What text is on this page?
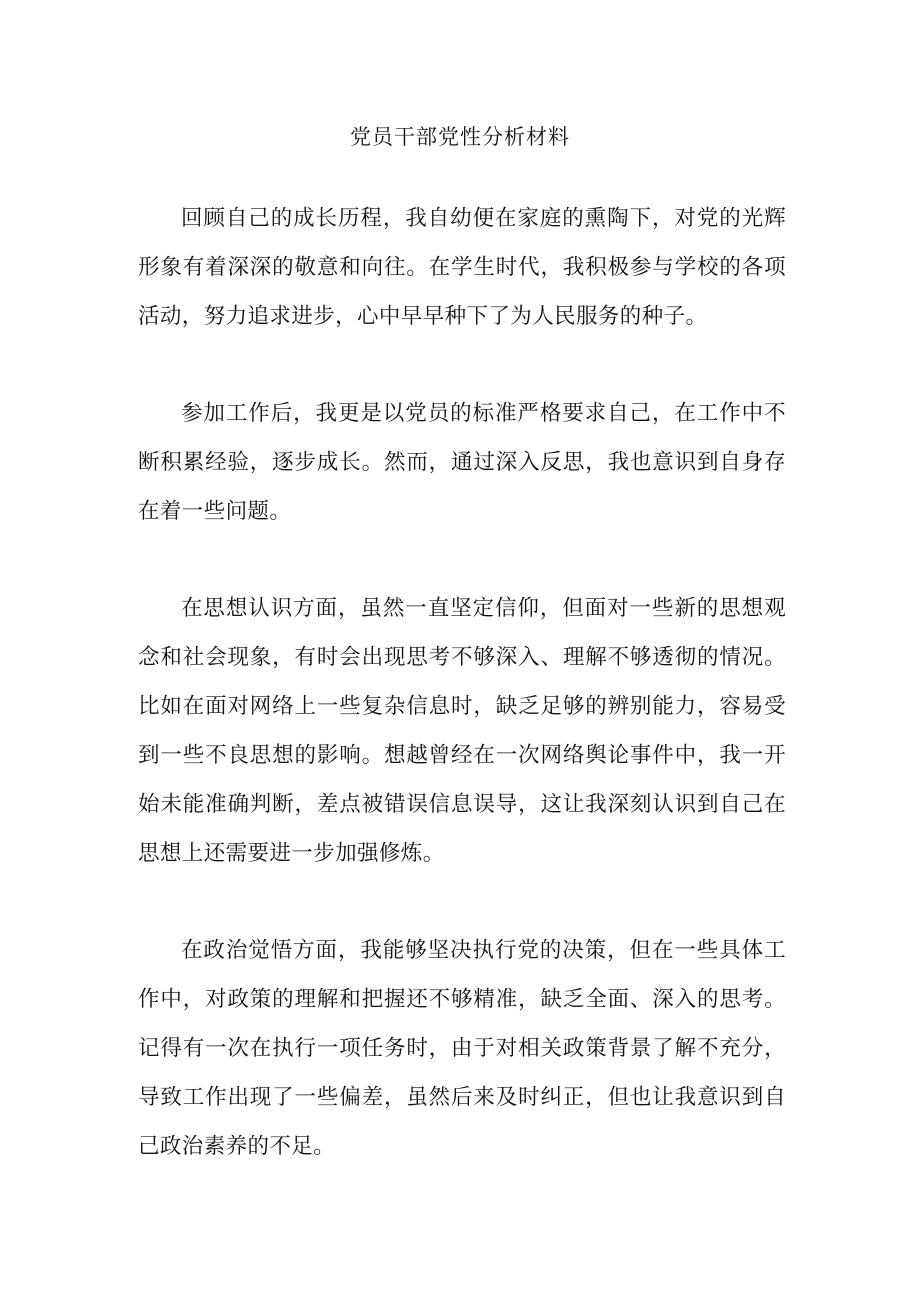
党员干部党性分析材料

回顾自己的成长历程，我自幼便在家庭的熏陶下，对党的光辉形象有着深深的敬意和向往。在学生时代，我积极参与学校的各项活动，努力追求进步，心中早早种下了为人民服务的种子。

参加工作后，我更是以党员的标准严格要求自己，在工作中不断积累经验，逐步成长。然而，通过深入反思，我也意识到自身存在着一些问题。

在思想认识方面，虽然一直坚定信仰，但面对一些新的思想观念和社会现象，有时会出现思考不够深入、理解不够透彻的情况。比如在面对网络上一些复杂信息时，缺乏足够的辨别能力，容易受到一些不良思想的影响。想越曾经在一次网络舆论事件中，我一开始未能准确判断，差点被错误信息误导，这让我深刻认识到自己在思想上还需要进一步加强修炼。

在政治觉悟方面，我能够坚决执行党的决策，但在一些具体工作中，对政策的理解和把握还不够精准，缺乏全面、深入的思考。记得有一次在执行一项任务时，由于对相关政策背景了解不充分，导致工作出现了一些偏差，虽然后来及时纠正，但也让我意识到自己政治素养的不足。
